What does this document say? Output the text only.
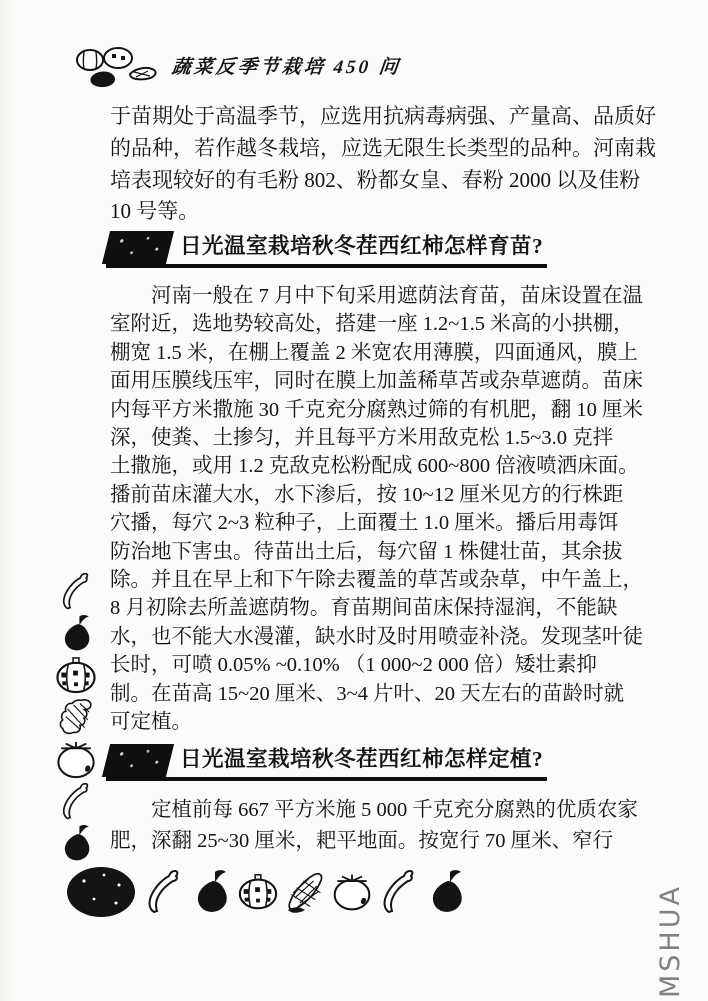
蔬菜反季节栽培 450 问
于苗期处于高温季节，应选用抗病毒病强、产量高、品质好
的品种，若作越冬栽培，应选无限生长类型的品种。河南栽
培表现较好的有毛粉 802、粉都女皇、春粉 2000 以及佳粉
10 号等。
日光温室栽培秋冬茬西红柿怎样育苗?
河南一般在 7 月中下旬采用遮荫法育苗，苗床设置在温
室附近，选地势较高处，搭建一座 1.2~1.5 米高的小拱棚，
棚宽 1.5 米，在棚上覆盖 2 米宽农用薄膜，四面通风，膜上
面用压膜线压牢，同时在膜上加盖稀草苫或杂草遮荫。苗床
内每平方米撒施 30 千克充分腐熟过筛的有机肥，翻 10 厘米
深，使粪、土掺匀，并且每平方米用敌克松 1.5~3.0 克拌
土撒施，或用 1.2 克敌克松粉配成 600~800 倍液喷洒床面。
播前苗床灌大水，水下渗后，按 10~12 厘米见方的行株距
穴播，每穴 2~3 粒种子，上面覆土 1.0 厘米。播后用毒饵
防治地下害虫。待苗出土后，每穴留 1 株健壮苗，其余拔
除。并且在早上和下午除去覆盖的草苫或杂草，中午盖上，
8 月初除去所盖遮荫物。育苗期间苗床保持湿润，不能缺
水，也不能大水漫灌，缺水时及时用喷壶补浇。发现茎叶徒
长时，可喷 0.05% ~0.10% （1 000~2 000 倍）矮壮素抑
制。在苗高 15~20 厘米、3~4 片叶、20 天左右的苗龄时就
可定植。
日光温室栽培秋冬茬西红柿怎样定植?
定植前每 667 平方米施 5 000 千克充分腐熟的优质农家
肥，深翻 25~30 厘米，耙平地面。按宽行 70 厘米、窄行
MSHUA
